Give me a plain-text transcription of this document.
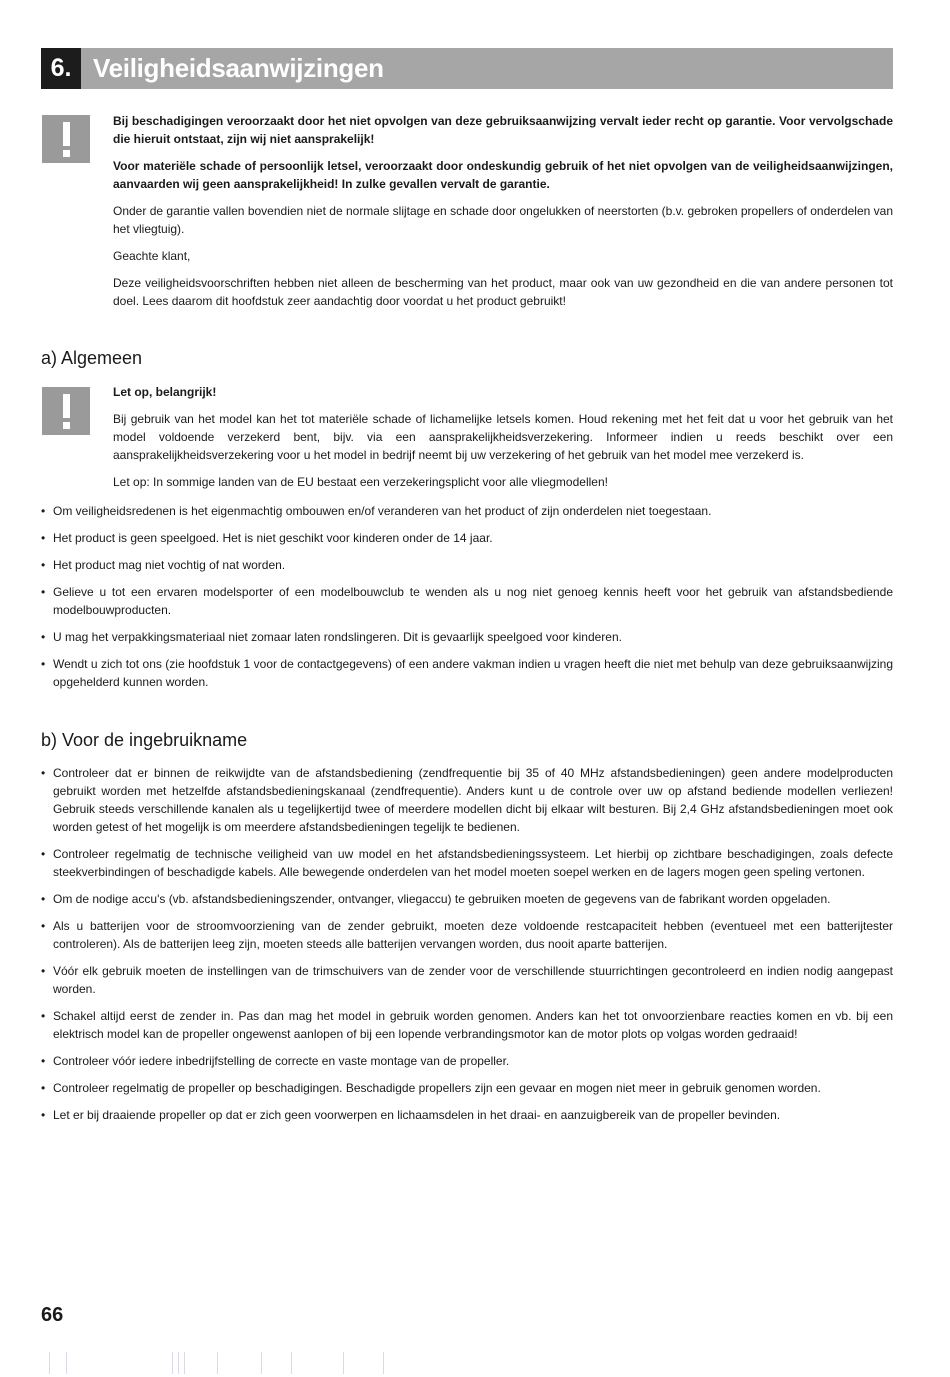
6. Veiligheidsaanwijzingen

Bij beschadigingen veroorzaakt door het niet opvolgen van deze gebruiksaanwijzing vervalt ieder recht op garantie. Voor vervolgschade die hieruit ontstaat, zijn wij niet aansprakelijk!

Voor materiële schade of persoonlijk letsel, veroorzaakt door ondeskundig gebruik of het niet opvolgen van de veiligheidsaanwijzingen, aanvaarden wij geen aansprakelijkheid! In zulke gevallen vervalt de garantie.

Onder de garantie vallen bovendien niet de normale slijtage en schade door ongelukken of neerstorten (b.v. gebroken propellers of onderdelen van het vliegtuig).

Geachte klant,

Deze veiligheidsvoorschriften hebben niet alleen de bescherming van het product, maar ook van uw gezondheid en die van andere personen tot doel. Lees daarom dit hoofdstuk zeer aandachtig door voordat u het product gebruikt!

a) Algemeen

Let op, belangrijk!

Bij gebruik van het model kan het tot materiële schade of lichamelijke letsels komen. Houd rekening met het feit dat u voor het gebruik van het model voldoende verzekerd bent, bijv. via een aansprakelijkheidsverzekering. Informeer indien u reeds beschikt over een aansprakelijkheidsverzekering voor u het model in bedrijf neemt bij uw verzekering of het gebruik van het model mee verzekerd is.

Let op: In sommige landen van de EU bestaat een verzekeringsplicht voor alle vliegmodellen!

• Om veiligheidsredenen is het eigenmachtig ombouwen en/of veranderen van het product of zijn onderdelen niet toegestaan.
• Het product is geen speelgoed. Het is niet geschikt voor kinderen onder de 14 jaar.
• Het product mag niet vochtig of nat worden.
• Gelieve u tot een ervaren modelsporter of een modelbouwclub te wenden als u nog niet genoeg kennis heeft voor het gebruik van afstandsbediende modelbouwproducten.
• U mag het verpakkingsmateriaal niet zomaar laten rondslingeren. Dit is gevaarlijk speelgoed voor kinderen.
• Wendt u zich tot ons (zie hoofdstuk 1 voor de contactgegevens) of een andere vakman indien u vragen heeft die niet met behulp van deze gebruiksaanwijzing opgehelderd kunnen worden.
b) Voor de ingebruikname
• Controleer dat er binnen de reikwijdte van de afstandsbediening (zendfrequentie bij 35 of 40 MHz afstandsbedieningen) geen andere modelproducten gebruikt worden met hetzelfde afstandsbedieningskanaal (zendfrequentie). Anders kunt u de controle over uw op afstand bediende modellen verliezen! Gebruik steeds verschillende kanalen als u tegelijkertijd twee of meerdere modellen dicht bij elkaar wilt besturen. Bij 2,4 GHz afstandsbedieningen moet ook worden getest of het mogelijk is om meerdere afstandsbedieningen tegelijk te bedienen.
• Controleer regelmatig de technische veiligheid van uw model en het afstandsbedieningssysteem. Let hierbij op zichtbare beschadigingen, zoals defecte steekverbindingen of beschadigde kabels. Alle bewegende onderdelen van het model moeten soepel werken en de lagers mogen geen speling vertonen.
• Om de nodige accu's (vb. afstandsbedieningszender, ontvanger, vliegaccu) te gebruiken moeten de gegevens van de fabrikant worden opgeladen.
• Als u batterijen voor de stroomvoorziening van de zender gebruikt, moeten deze voldoende restcapaciteit hebben (eventueel met een batterijtester controleren). Als de batterijen leeg zijn, moeten steeds alle batterijen vervangen worden, dus nooit aparte batterijen.
• Vóór elk gebruik moeten de instellingen van de trimschuivers van de zender voor de verschillende stuurrichtingen gecontroleerd en indien nodig aangepast worden.
• Schakel altijd eerst de zender in. Pas dan mag het model in gebruik worden genomen. Anders kan het tot onvoorzienbare reacties komen en vb. bij een elektrisch model kan de propeller ongewenst aanlopen of bij een lopende verbrandingsmotor kan de motor plots op volgas worden gedraaid!
• Controleer vóór iedere inbedrijfstelling de correcte en vaste montage van de propeller.
• Controleer regelmatig de propeller op beschadigingen. Beschadigde propellers zijn een gevaar en mogen niet meer in gebruik genomen worden.
• Let er bij draaiende propeller op dat er zich geen voorwerpen en lichaamsdelen in het draai- en aanzuigbereik van de propeller bevinden.
66
